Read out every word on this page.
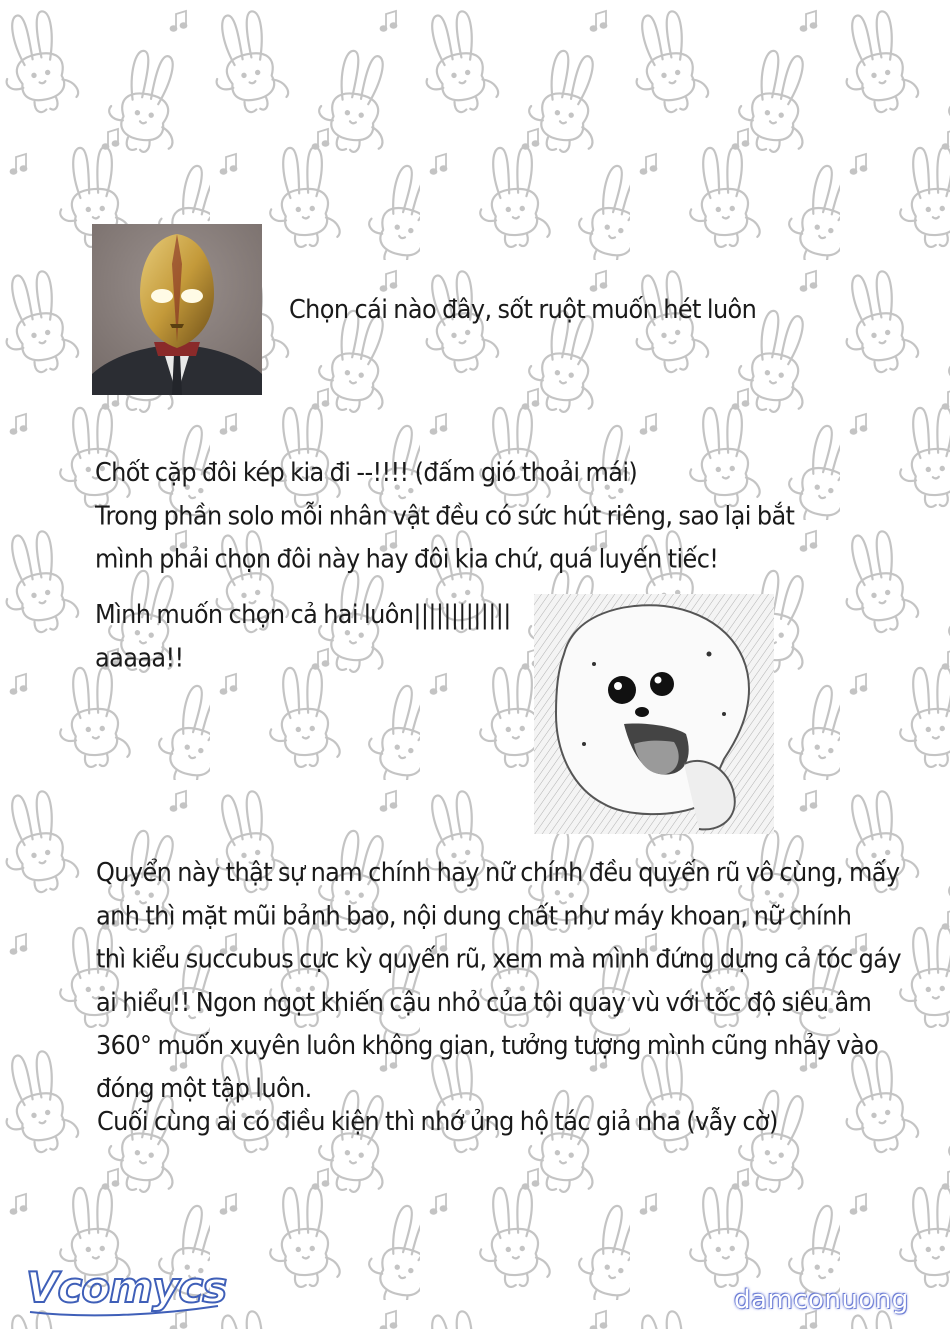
Chọn cái nào đây, sốt ruột muốn hét luôn

Chốt cặp đôi kép kia đi --!!!! (đấm gió thoải mái)
Trong phần solo mỗi nhân vật đều có sức hút riêng, sao lại bắt
mình phải chọn đôi này hay đôi kia chứ, quá luyến tiếc!
Mình muốn chọn cả hai luôn|||||||||||||
aaaaa!!
Quyển này thật sự nam chính hay nữ chính đều quyến rũ vô cùng, mấy
anh thì mặt mũi bảnh bao, nội dung chất như máy khoan, nữ chính
thì kiểu succubus cực kỳ quyến rũ, xem mà mình đứng dựng cả tóc gáy
ai hiểu!! Ngon ngọt khiến cậu nhỏ của tôi quay vù với tốc độ siêu âm
360° muốn xuyên luôn không gian, tưởng tượng mình cũng nhảy vào
đóng một tập luôn.

Cuối cùng ai có điều kiện thì nhớ ủng hộ tác giả nha (vẫy cờ)

Vcomycs	damconuong
